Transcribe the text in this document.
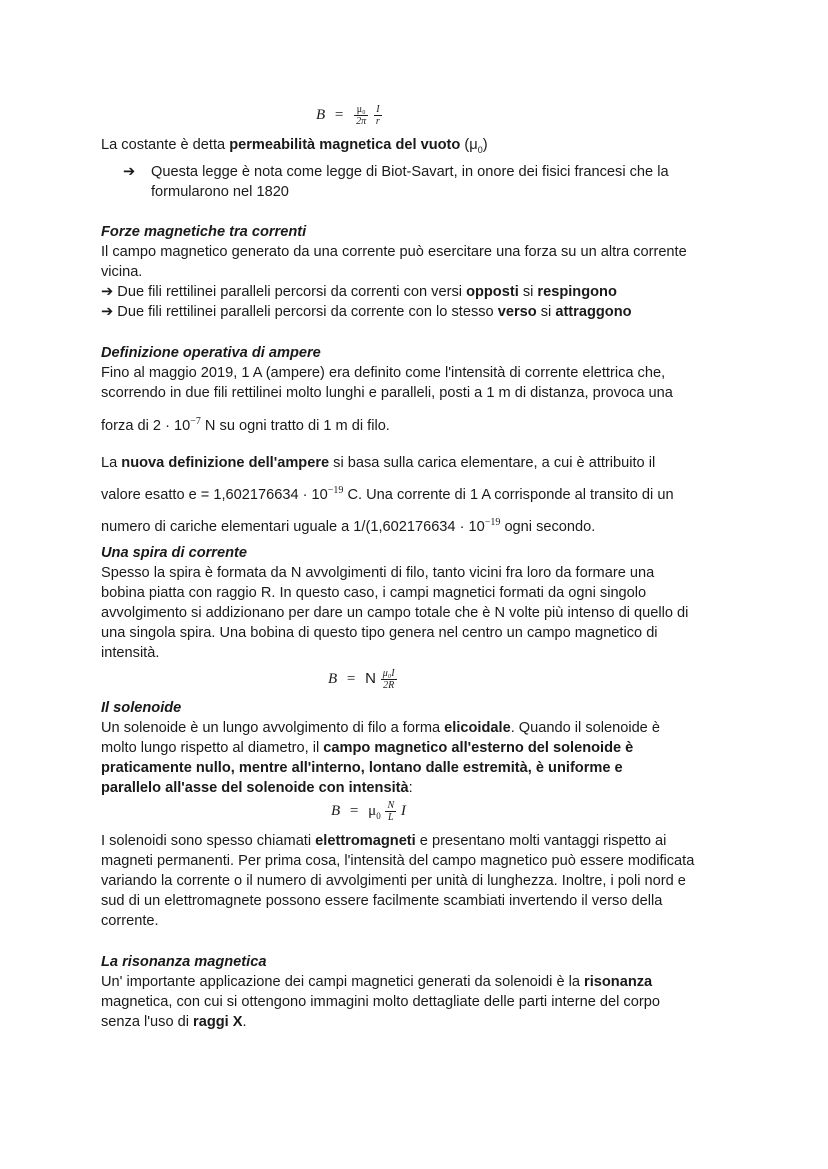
$B = \frac{\text{μ₀}}{2\pi}$
$\frac{I}{r}$
La costante è detta permeabilità magnetica del vuoto $(\mu_0)$
➔ Questa legge è nota come legge di Biot-Savart, in onore dei fisici francesi che la
formularono nel 1820
Forze magnetiche tra correnti
Il campo magnetico generato da una corrente può esercitare una forza su un altra corrente
vicina.
➔ Due fili rettilinei paralleli percorsi da correnti con versi opposti si respingono
➔ Due fili rettilinei paralleli percorsi da corrente con lo stesso verso si attraggono
Definizione operativa di ampere
Fino al maggio 2019, 1 A (ampere) era definito come l'intensità di corrente elettrica che,
scorrendo in due fili rettilinei molto lunghi e paralleli, posti a 1 m di distanza, provoca una
forza di $2 \cdot 10^{-7}$ N su ogni tratto di 1 m di filo.
La nuova definizione dell'ampere si basa sulla carica elementare, a cui è attribuito il
valore esatto $e = 1,602176634 \cdot 10^{-19}$ C. Una corrente di 1 A corrisponde al transito di un
numero di cariche elementari uguale a $1/(1,602176634 \cdot 10^{-19}$ ogni secondo.
Una spira di corrente
Spesso la spira è formata da N avvolgimenti di filo, tanto vicini fra loro da formare una
bobina piatta con raggio R. In questo caso, i campi magnetici formati da ogni singolo
avvolgimento si addizionano per dare un campo totale che è N volte più intenso di quello di
una singola spira. Una bobina di questo tipo genera nel centro un campo magnetico di
intensità.
B = N $\frac{\text{μ₀I}}{2R}$
Il solenoide
Un solenoide è un lungo avvolgimento di filo a forma elicoidale. Quando il solenoide è
molto lungo rispetto al diametro, il campo magnetico all'esterno del solenoide è
praticamente nullo, mentre all'interno, lontano dalle estremità, è uniforme e
parallelo all'asse del solenoide con intensità:
$B = \mu_0 \frac{N}{L}$ I
I solenoidi sono spesso chiamati elettromagneti e presentano molti vantaggi rispetto ai
magneti permanenti. Per prima cosa, l'intensità del campo magnetico può essere modificata
variando la corrente o il numero di avvolgimenti per unità di lunghezza. Inoltre, i poli nord e
sud di un elettromagnete possono essere facilmente scambiati invertendo il verso della
corrente.
La risonanza magnetica
Un' importante applicazione dei campi magnetici generati da solenoidi è la risonanza
magnetica, con cui si ottengono immagini molto dettagliate delle parti interne del corpo
senza l'uso di raggi X.
